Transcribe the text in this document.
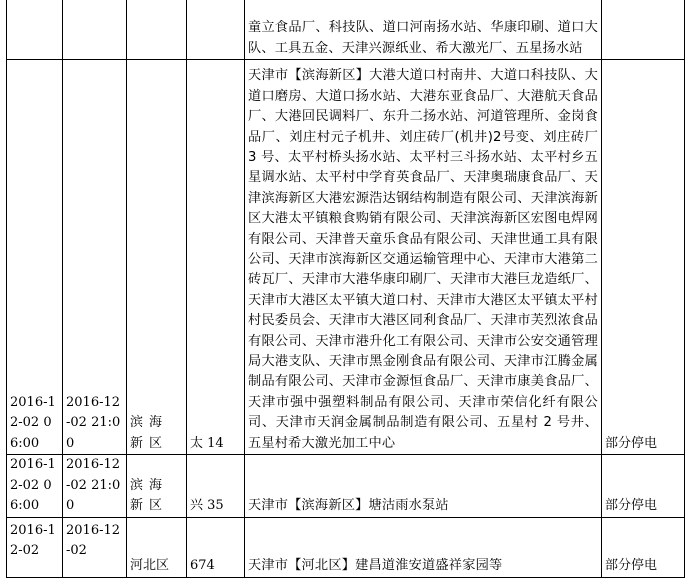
				童立食品厂、科技队、道口河南扬水站、华康印刷、道口大队、工具五金、天津兴源纸业、希大激光厂、五星扬水站	

2016-12-02 06:00	2016-12-02 21:00	滨海新区	太 14	天津市【滨海新区】大港大道口村南井、大道口科技队、大道口磨房、大道口扬水站、大港东亚食品厂、大港航天食品厂、大港回民调料厂、东升二扬水站、河道管理所、金岗食品厂、刘庄村元子机井、刘庄砖厂(机井)2号变、刘庄砖厂 3 号、太平村桥头扬水站、太平村三斗扬水站、太平村乡五星调水站、太平村中学育英食品厂、天津奥瑞康食品厂、天津滨海新区大港宏源浩达钢结构制造有限公司、天津滨海新区大港太平镇粮食购销有限公司、天津滨海新区宏图电焊网有限公司、天津普天童乐食品有限公司、天津世通工具有限公司、天津市滨海新区交通运输管理中心、天津市大港第二砖瓦厂、天津市大港华康印刷厂、天津市大港巨龙造纸厂、天津市大港区太平镇大道口村、天津市大港区太平镇太平村村民委员会、天津市大港区同利食品厂、天津市芙烈浓食品有限公司、天津市港升化工有限公司、天津市公安交通管理局大港支队、天津市黑金刚食品有限公司、天津市江腾金属制品有限公司、天津市金源恒食品厂、天津市康美食品厂、天津市强中强塑料制品有限公司、天津市荣信化纤有限公司、天津市天润金属制品制造有限公司、五星村 2 号井、五星村希大激光加工中心	部分停电

2016-12-02 06:00	2016-12-02 21:00	滨海新区	兴 35	天津市【滨海新区】塘沽雨水泵站	部分停电

2016-12-02	2016-12-02	河北区	674	天津市【河北区】建昌道淮安道盛祥家园等	部分停电
